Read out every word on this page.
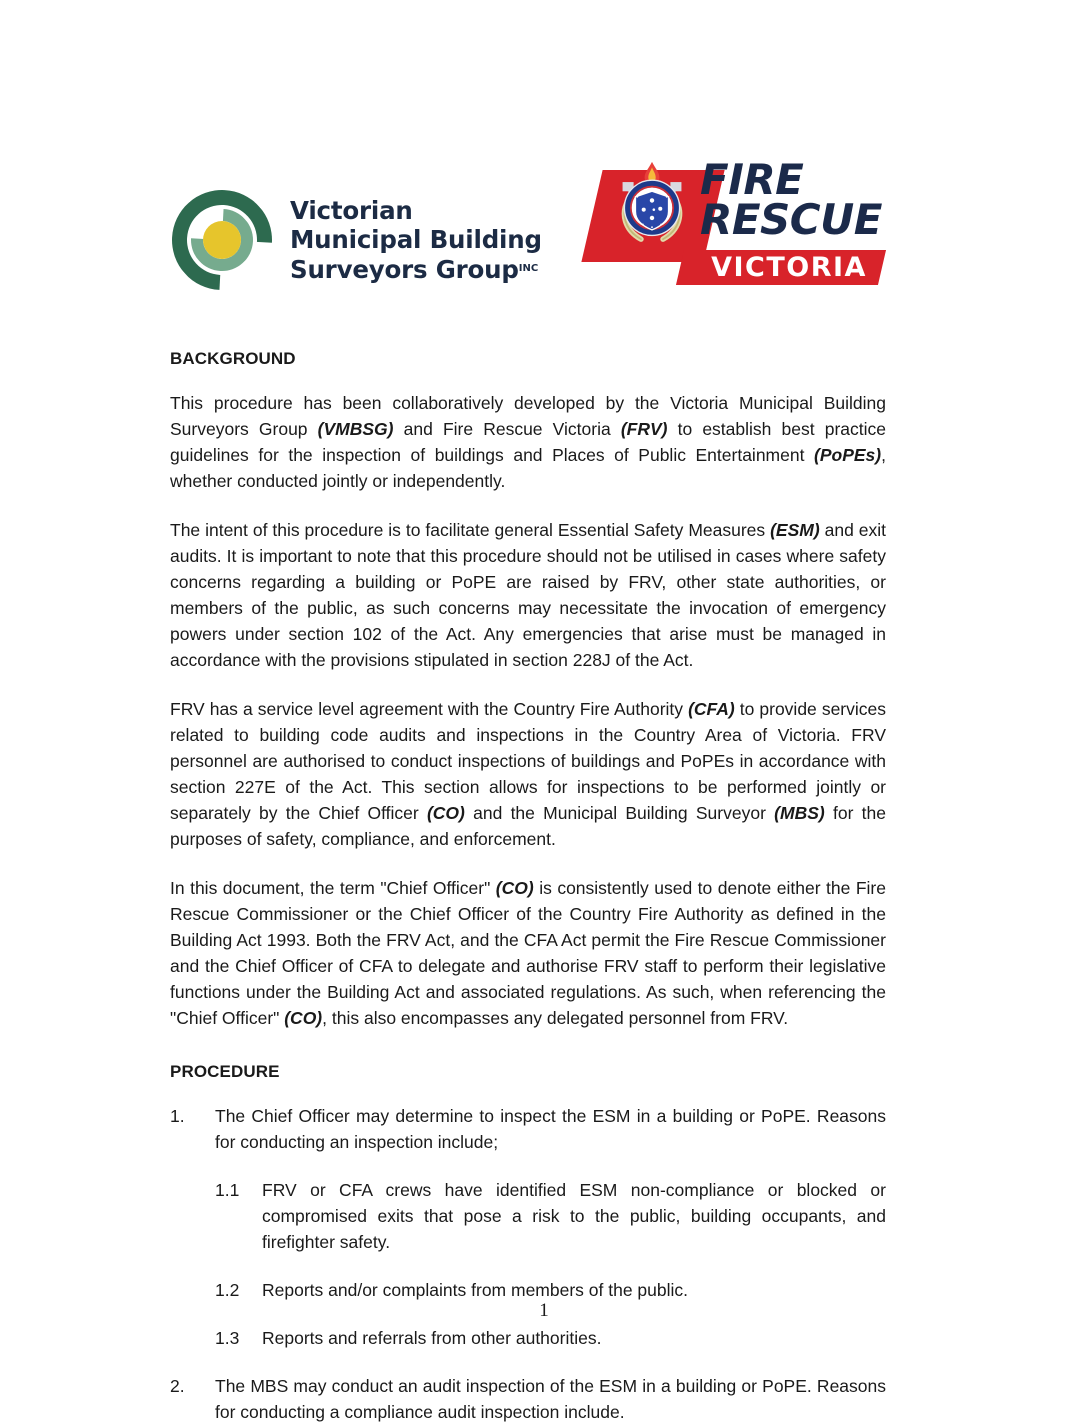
Victorian
Municipal Building
Surveyors Group$^{INC}$
FIRE
RESCUE
VICTORIA
BACKGROUND

This procedure has been collaboratively developed by the Victoria Municipal Building Surveyors Group (VMBSG) and Fire Rescue Victoria (FRV) to establish best practice guidelines for the inspection of buildings and Places of Public Entertainment (PoPEs), whether conducted jointly or independently.

The intent of this procedure is to facilitate general Essential Safety Measures (ESM) and exit audits. It is important to note that this procedure should not be utilised in cases where safety concerns regarding a building or PoPE are raised by FRV, other state authorities, or members of the public, as such concerns may necessitate the invocation of emergency powers under section 102 of the Act. Any emergencies that arise must be managed in accordance with the provisions stipulated in section 228J of the Act.

FRV has a service level agreement with the Country Fire Authority (CFA) to provide services related to building code audits and inspections in the Country Area of Victoria. FRV personnel are authorised to conduct inspections of buildings and PoPEs in accordance with section 227E of the Act. This section allows for inspections to be performed jointly or separately by the Chief Officer (CO) and the Municipal Building Surveyor (MBS) for the purposes of safety, compliance, and enforcement.

In this document, the term "Chief Officer" (CO) is consistently used to denote either the Fire Rescue Commissioner or the Chief Officer of the Country Fire Authority as defined in the Building Act 1993. Both the FRV Act, and the CFA Act permit the Fire Rescue Commissioner and the Chief Officer of CFA to delegate and authorise FRV staff to perform their legislative functions under the Building Act and associated regulations. As such, when referencing the "Chief Officer" (CO), this also encompasses any delegated personnel from FRV.

PROCEDURE
1.	The Chief Officer may determine to inspect the ESM in a building or PoPE. Reasons for conducting an inspection include;
1.1	FRV or CFA crews have identified ESM non-compliance or blocked or compromised exits that pose a risk to the public, building occupants, and firefighter safety.
1.2	Reports and/or complaints from members of the public.
1.3	Reports and referrals from other authorities.
2.	The MBS may conduct an audit inspection of the ESM in a building or PoPE. Reasons for conducting a compliance audit inspection include.
1
